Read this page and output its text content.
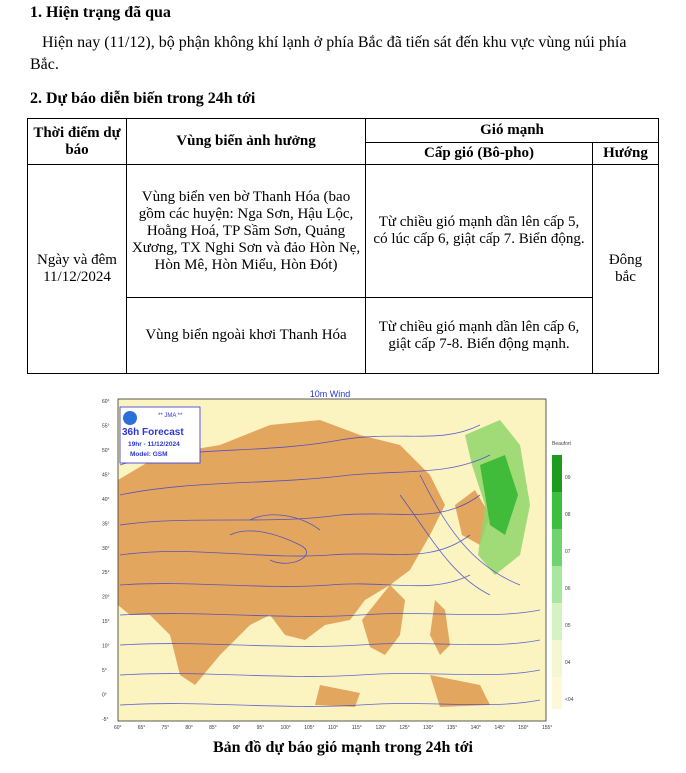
1. Hiện trạng đã qua
Hiện nay (11/12), bộ phận không khí lạnh ở phía Bắc đã tiến sát đến khu vực vùng núi phía Bắc.
2. Dự báo diễn biến trong 24h tới
Thời điểm dự báo	Vùng biển ảnh hưởng	Gió mạnh	
		Cấp gió (Bô-pho)	Hướng
Ngày và đêm 11/12/2024	Vùng biển ven bờ Thanh Hóa (bao gồm các huyện: Nga Sơn, Hậu Lộc, Hoằng Hoá, TP Sầm Sơn, Quảng Xương, TX Nghi Sơn và đảo Hòn Nẹ, Hòn Mê, Hòn Miểu, Hòn Đót)	Từ chiều gió mạnh dần lên cấp 5, có lúc cấp 6, giật cấp 7. Biển động.	Đông bắc
	Vùng biển ngoài khơi Thanh Hóa	Từ chiều gió mạnh dần lên cấp 6, giật cấp 7-8. Biển động mạnh.	
** JMA **
36h Forecast
19hr - 11/12/2024
Model: GSM
10m Wind
Beaufort
09
08
07
06
05
04
<04
60°
55°
50°
45°
40°
35°
30°
25°
20°
15°
10°
5°
0°
-5°
60°	65°	75°	80°	85°	90°	95°	100°	105°	110°	115°	120°	125°	130°	135°	140°	145°	150°	155°
Bản đồ dự báo gió mạnh trong 24h tới
